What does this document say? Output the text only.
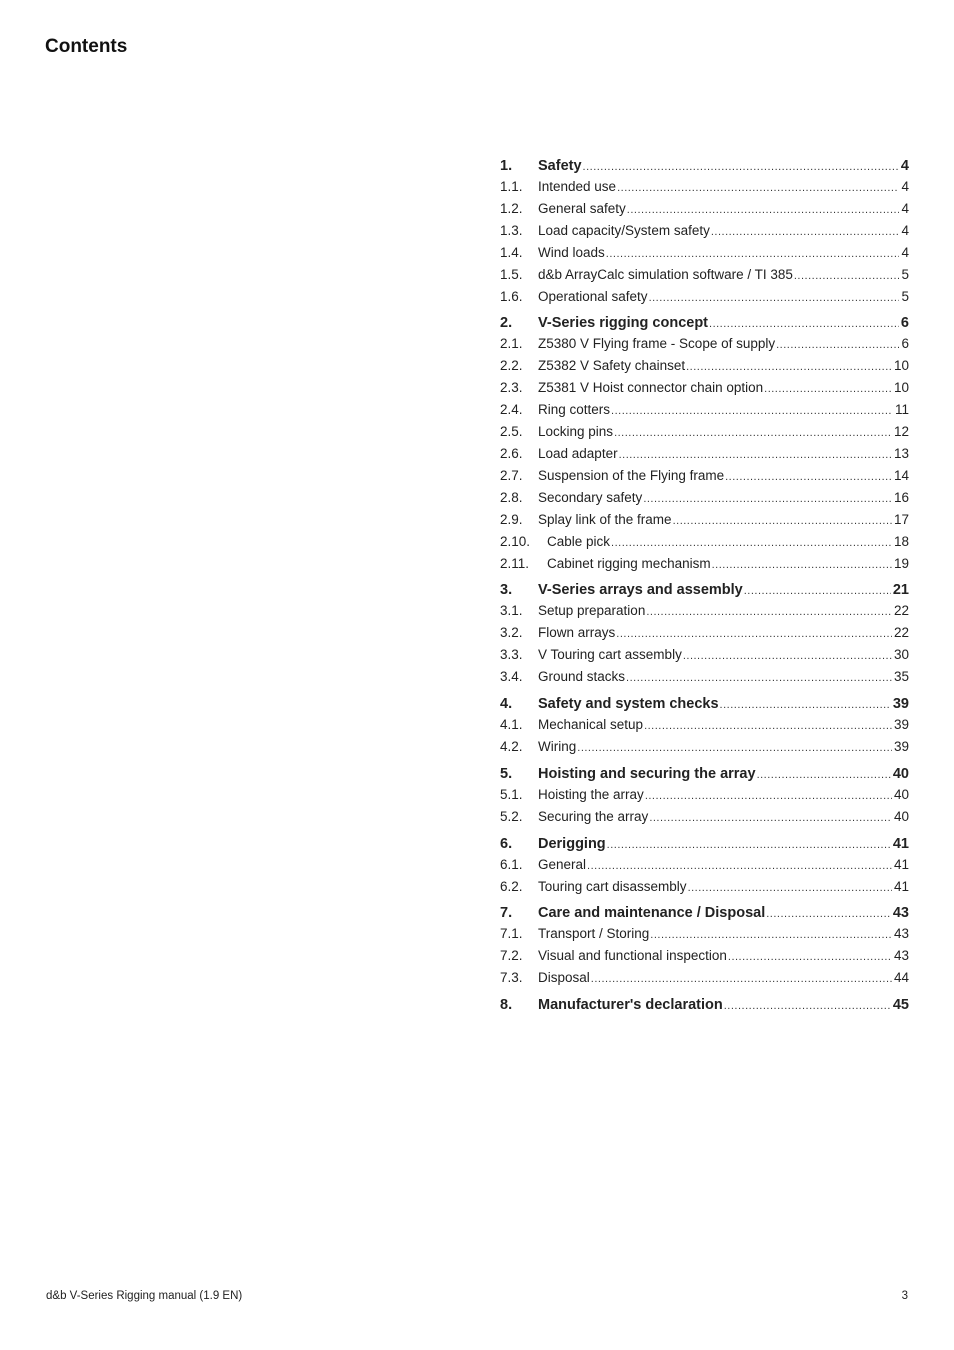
Contents
1.	Safety .....	4
1.1.	Intended use .....	4
1.2.	General safety .....	4
1.3.	Load capacity/System safety .....	4
1.4.	Wind loads .....	4
1.5.	d&b ArrayCalc simulation software / TI 385 .....	5
1.6.	Operational safety .....	5
2.	V-Series rigging concept .....	6
2.1.	Z5380 V Flying frame - Scope of supply .....	6
2.2.	Z5382 V Safety chainset .....	10
2.3.	Z5381 V Hoist connector chain option .....	10
2.4.	Ring cotters .....	11
2.5.	Locking pins .....	12
2.6.	Load adapter .....	13
2.7.	Suspension of the Flying frame .....	14
2.8.	Secondary safety .....	16
2.9.	Splay link of the frame .....	17
2.10.	Cable pick .....	18
2.11.	Cabinet rigging mechanism .....	19
3.	V-Series arrays and assembly .....	21
3.1.	Setup preparation .....	22
3.2.	Flown arrays .....	22
3.3.	V Touring cart assembly .....	30
3.4.	Ground stacks .....	35
4.	Safety and system checks .....	39
4.1.	Mechanical setup .....	39
4.2.	Wiring .....	39
5.	Hoisting and securing the array .....	40
5.1.	Hoisting the array .....	40
5.2.	Securing the array .....	40
6.	Derigging .....	41
6.1.	General .....	41
6.2.	Touring cart disassembly .....	41
7.	Care and maintenance / Disposal .....	43
7.1.	Transport / Storing .....	43
7.2.	Visual and functional inspection .....	43
7.3.	Disposal .....	44
8.	Manufacturer's declaration .....	45
d&b V-Series Rigging manual (1.9 EN)	3
